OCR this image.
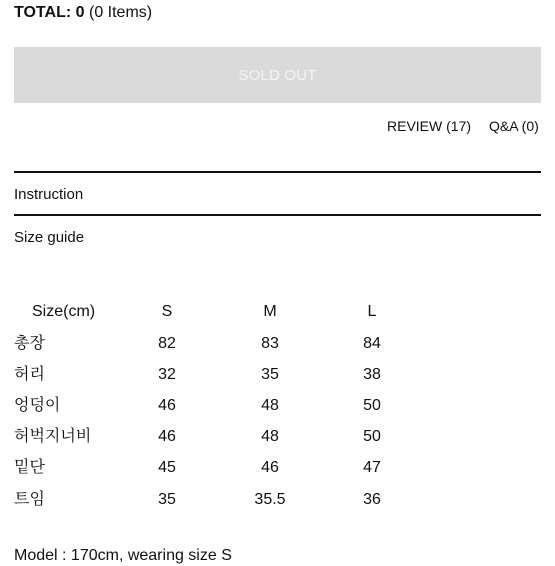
TOTAL: 0 (0 Items)
SOLD OUT
REVIEW (17) Q&A (0)
Instruction
Size guide
Size(cm)	S	M	L
총장	82	83	84
허리	32	35	38
엉덩이	46	48	50
허벅지너비	46	48	50
밑단	45	46	47
트임	35	35.5	36
Model : 170cm, wearing size S
